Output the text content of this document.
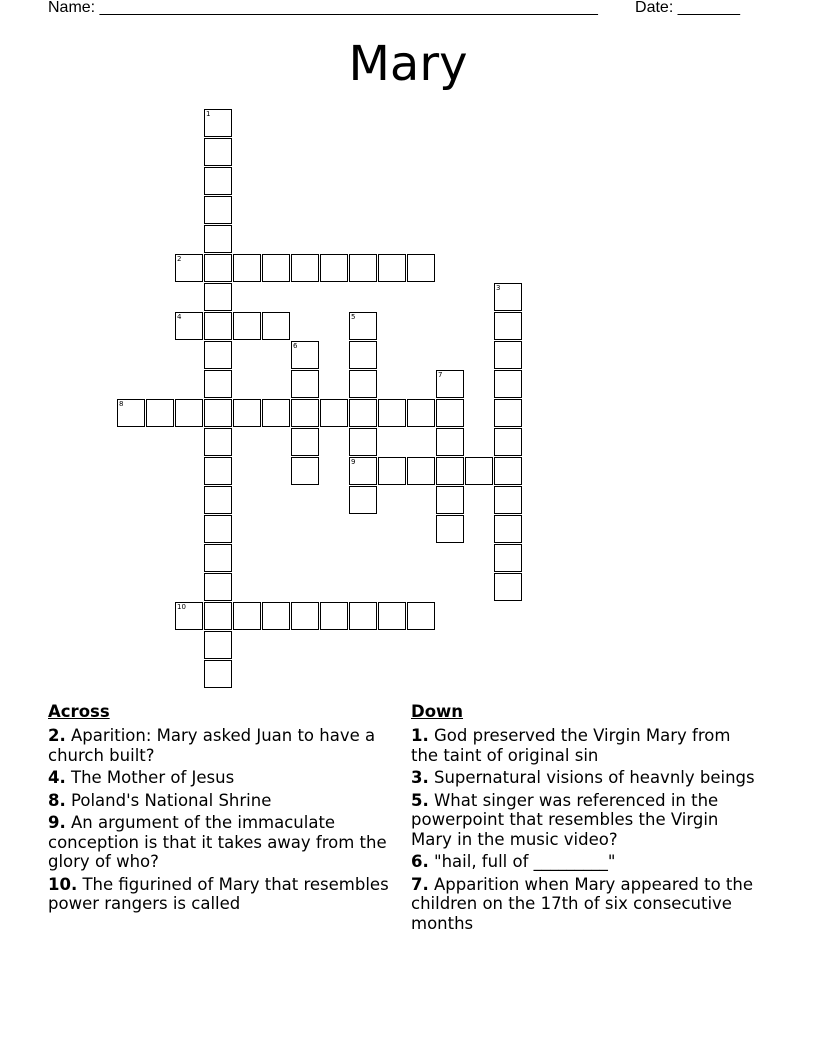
Name: ________________________________________________________ Date: _______
Mary
1
2
3
4	5
9
6
7
8
10
Across
2. Aparition: Mary asked Juan to have a church built?
4. The Mother of Jesus
8. Poland's National Shrine
9. An argument of the immaculate conception is that it takes away from the glory of who?
10. The figurined of Mary that resembles power rangers is called
Down
1. God preserved the Virgin Mary from the taint of original sin
3. Supernatural visions of heavnly beings
5. What singer was referenced in the powerpoint that resembles the Virgin Mary in the music video?
6. "hail, full of _________"
7. Apparition when Mary appeared to the children on the 17th of six consecutive months
